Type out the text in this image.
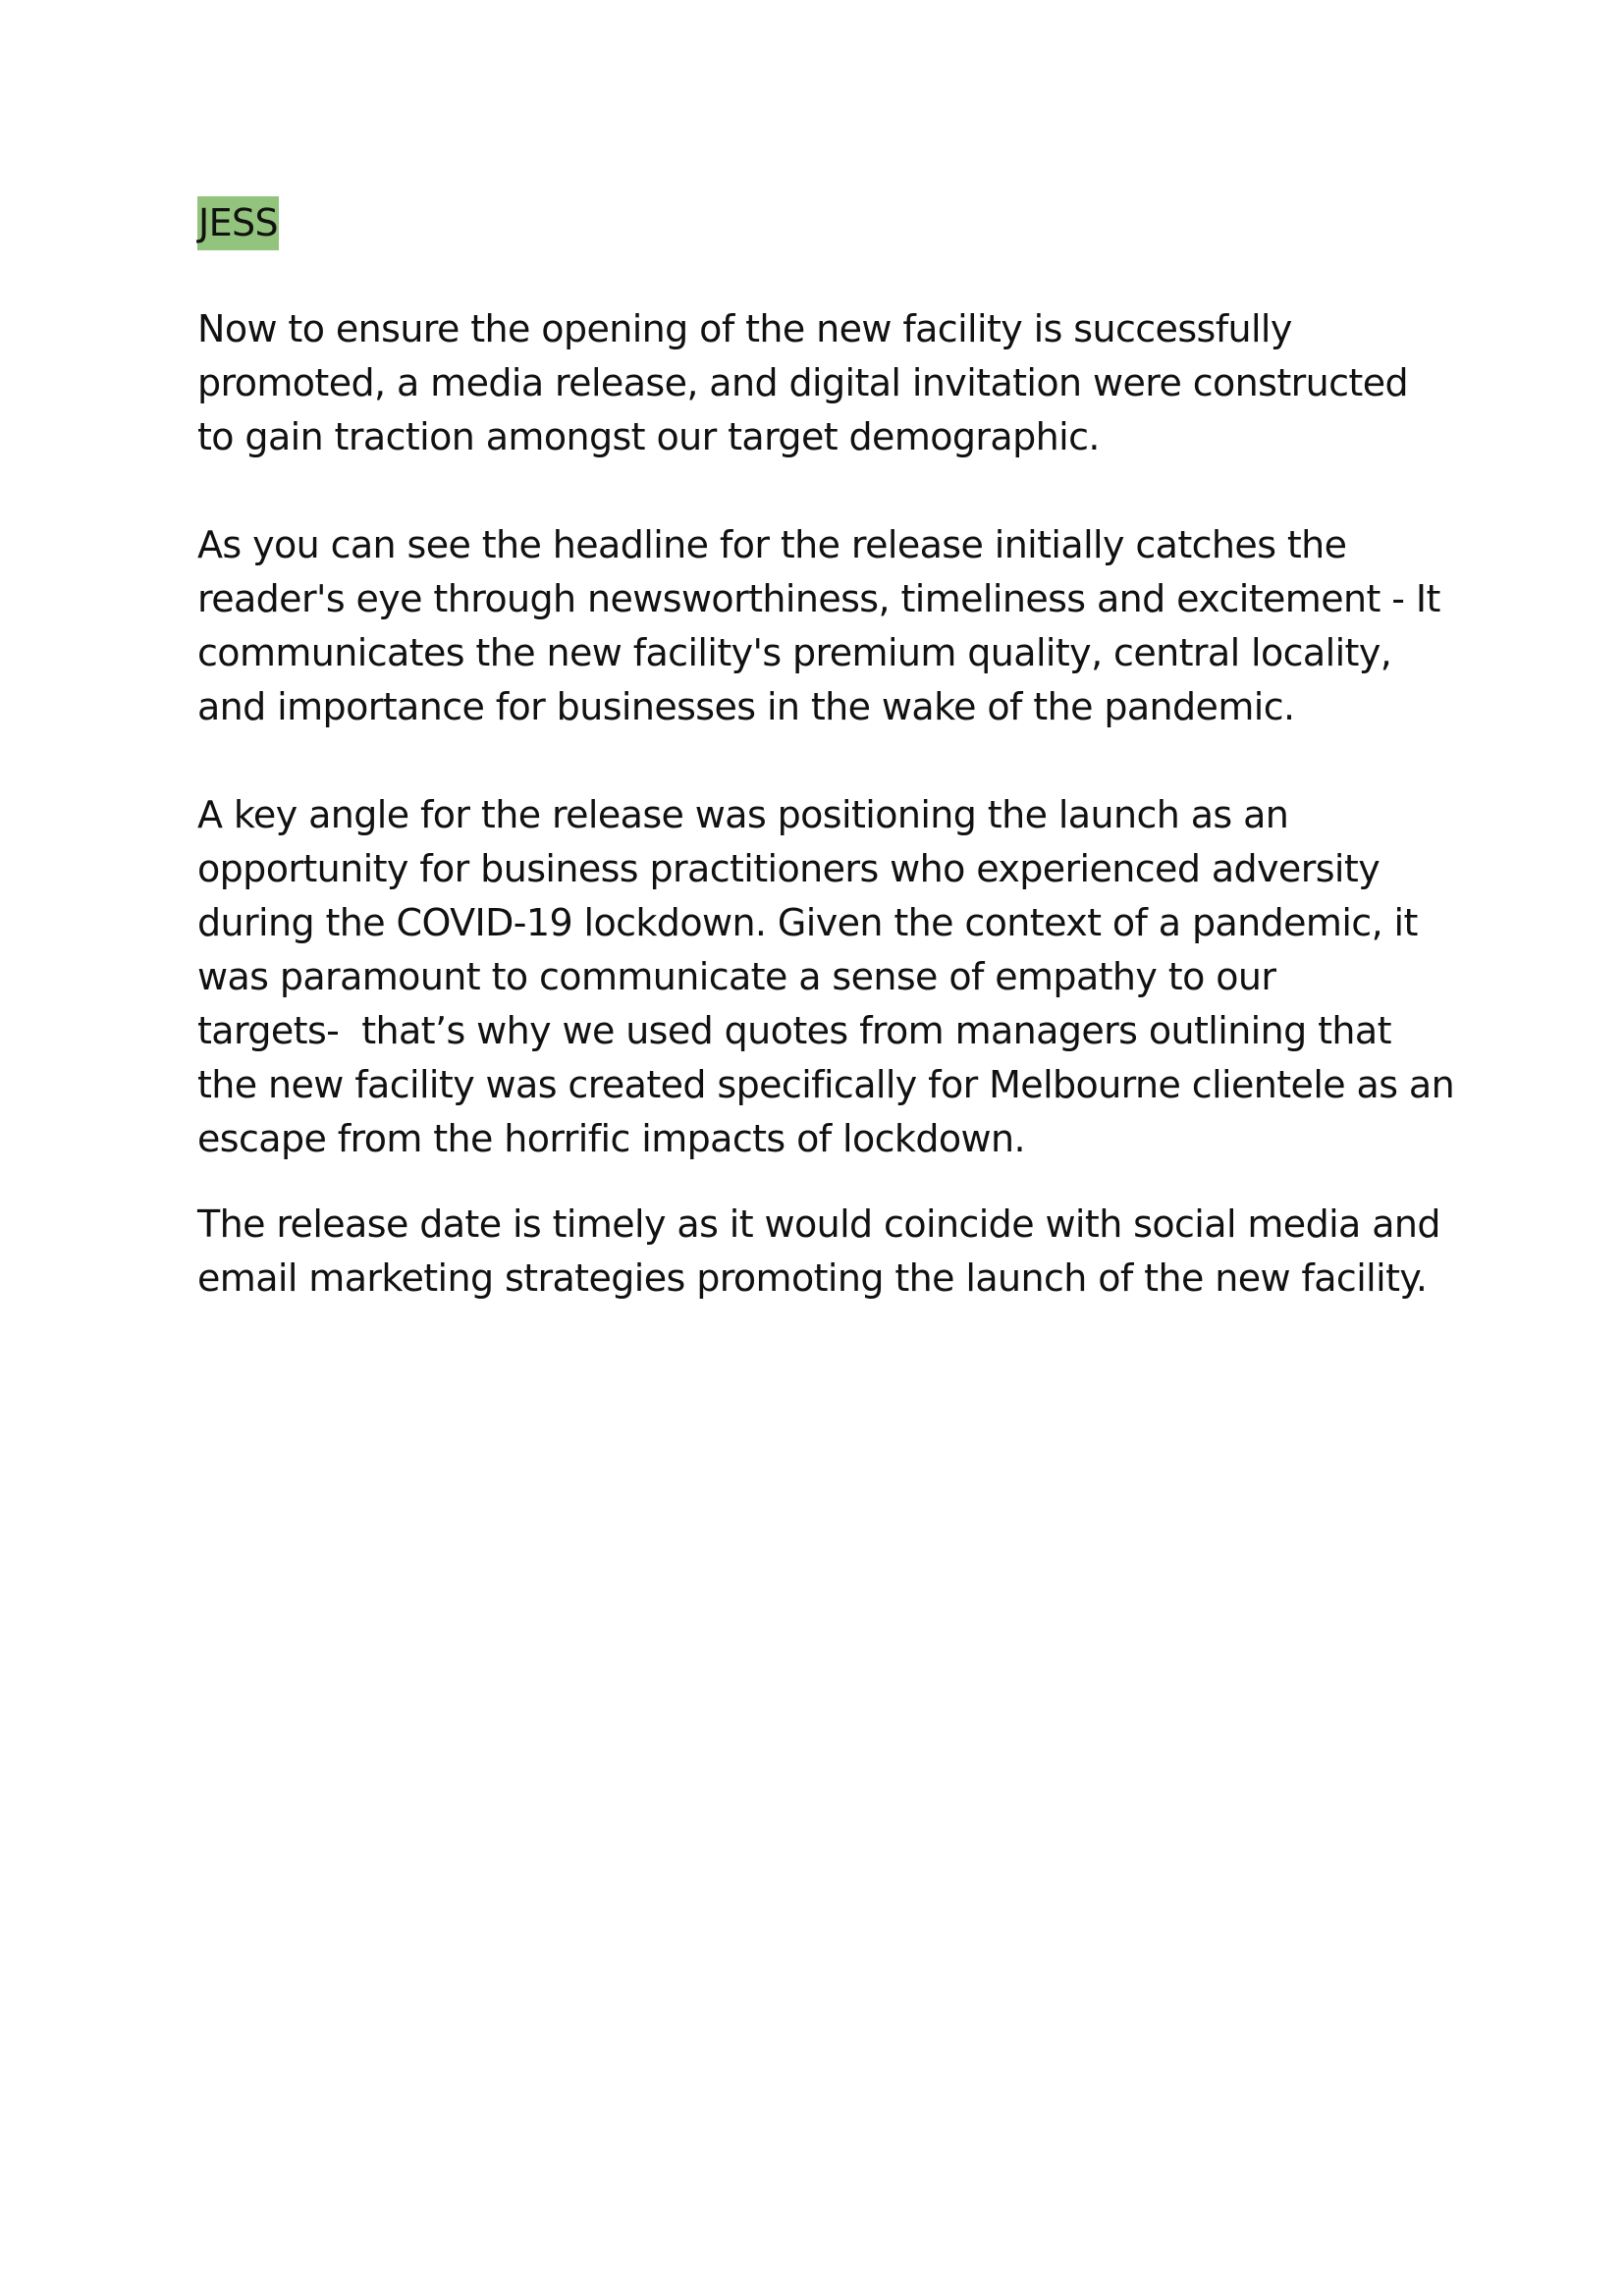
JESS

Now to ensure the opening of the new facility is successfully
promoted, a media release, and digital invitation were constructed
to gain traction amongst our target demographic.

As you can see the headline for the release initially catches the
reader's eye through newsworthiness, timeliness and excitement - It
communicates the new facility's premium quality, central locality,
and importance for businesses in the wake of the pandemic.

A key angle for the release was positioning the launch as an
opportunity for business practitioners who experienced adversity
during the COVID-19 lockdown. Given the context of a pandemic, it
was paramount to communicate a sense of empathy to our
targets-  that’s why we used quotes from managers outlining that
the new facility was created specifically for Melbourne clientele as an
escape from the horrific impacts of lockdown.

The release date is timely as it would coincide with social media and
email marketing strategies promoting the launch of the new facility.
